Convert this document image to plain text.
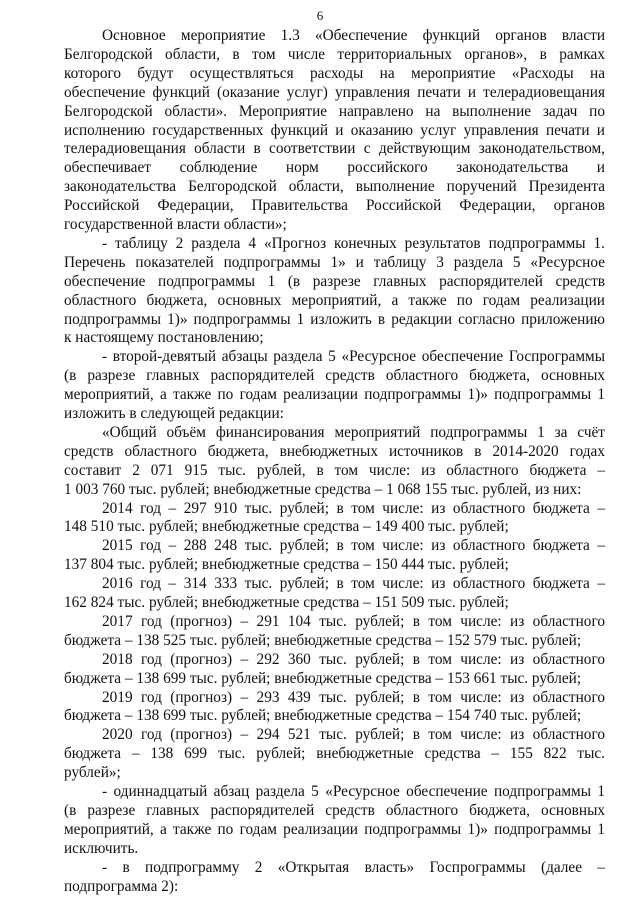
6
Основное мероприятие 1.3 «Обеспечение функций органов власти
Белгородской области, в том числе территориальных органов», в рамках
которого будут осуществляться расходы на мероприятие «Расходы на
обеспечение функций (оказание услуг) управления печати и телерадиовещания
Белгородской области». Мероприятие направлено на выполнение задач по
исполнению государственных функций и оказанию услуг управления печати и
телерадиовещания области в соответствии с действующим законодательством,
обеспечивает соблюдение норм российского законодательства и
законодательства Белгородской области, выполнение поручений Президента
Российской Федерации, Правительства Российской Федерации, органов
государственной власти области»;
- таблицу 2 раздела 4 «Прогноз конечных результатов подпрограммы 1.
Перечень показателей подпрограммы 1» и таблицу 3 раздела 5 «Ресурсное
обеспечение подпрограммы 1 (в разрезе главных распорядителей средств
областного бюджета, основных мероприятий, а также по годам реализации
подпрограммы 1)» подпрограммы 1 изложить в редакции согласно приложению
к настоящему постановлению;
- второй-девятый абзацы раздела 5 «Ресурсное обеспечение Госпрограммы
(в разрезе главных распорядителей средств областного бюджета, основных
мероприятий, а также по годам реализации подпрограммы 1)» подпрограммы 1
изложить в следующей редакции:
«Общий объём финансирования мероприятий подпрограммы 1 за счёт
средств областного бюджета, внебюджетных источников в 2014-2020 годах
составит 2 071 915 тыс. рублей, в том числе: из областного бюджета –
1 003 760 тыс. рублей; внебюджетные средства – 1 068 155 тыс. рублей, из них:
2014 год – 297 910 тыс. рублей; в том числе: из областного бюджета –
148 510 тыс. рублей; внебюджетные средства – 149 400 тыс. рублей;
2015 год – 288 248 тыс. рублей; в том числе: из областного бюджета –
137 804 тыс. рублей; внебюджетные средства – 150 444 тыс. рублей;
2016 год – 314 333 тыс. рублей; в том числе: из областного бюджета –
162 824 тыс. рублей; внебюджетные средства – 151 509 тыс. рублей;
2017 год (прогноз) – 291 104 тыс. рублей; в том числе: из областного
бюджета – 138 525 тыс. рублей; внебюджетные средства – 152 579 тыс. рублей;
2018 год (прогноз) – 292 360 тыс. рублей; в том числе: из областного
бюджета – 138 699 тыс. рублей; внебюджетные средства – 153 661 тыс. рублей;
2019 год (прогноз) – 293 439 тыс. рублей; в том числе: из областного
бюджета – 138 699 тыс. рублей; внебюджетные средства – 154 740 тыс. рублей;
2020 год (прогноз) – 294 521 тыс. рублей; в том числе: из областного
бюджета – 138 699 тыс. рублей; внебюджетные средства – 155 822 тыс.
рублей»;
- одиннадцатый абзац раздела 5 «Ресурсное обеспечение подпрограммы 1
(в разрезе главных распорядителей средств областного бюджета, основных
мероприятий, а также по годам реализации подпрограммы 1)» подпрограммы 1
исключить.
- в подпрограмму 2 «Открытая власть» Госпрограммы (далее –
подпрограмма 2):
